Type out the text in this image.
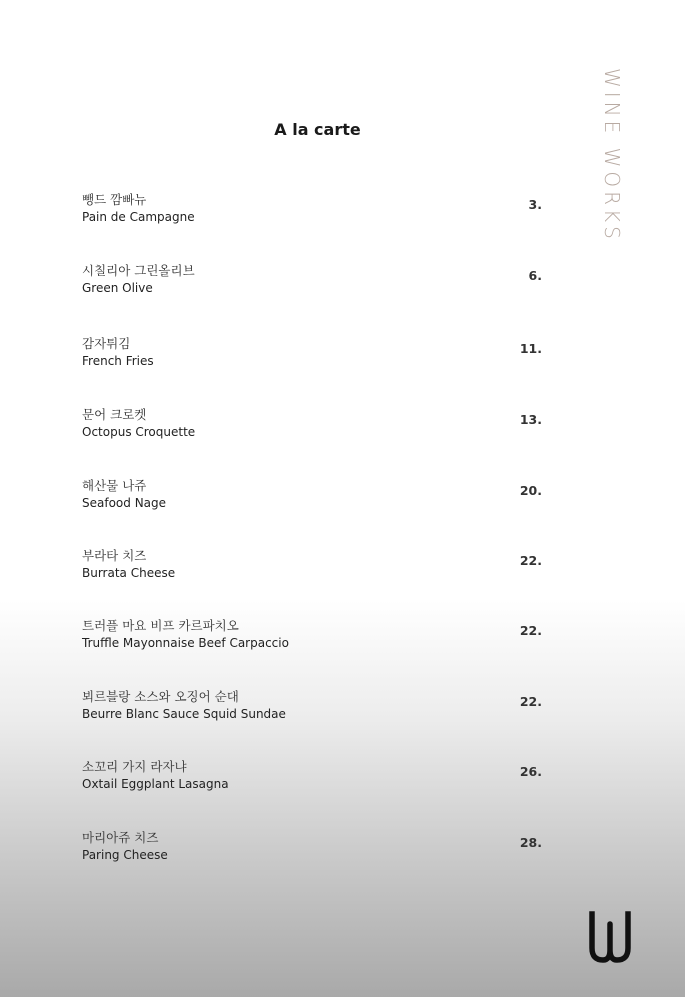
WINE WORKS
A la carte
뺑드 깜빠뉴
Pain de Campagne
3.
시칠리아 그린올리브
Green Olive
6.
감자튀김
French Fries
11.
문어 크로켓
Octopus Croquette
13.
해산물 나쥬
Seafood Nage
20.
부라타 치즈
Burrata Cheese
22.
트러플 마요 비프 카르파치오
Truffle Mayonnaise Beef Carpaccio
22.
뵈르블랑 소스와 오징어 순대
Beurre Blanc Sauce Squid Sundae
22.
소꼬리 가지 라자냐
Oxtail Eggplant Lasagna
26.
마리아쥬 치즈
Paring Cheese
28.
